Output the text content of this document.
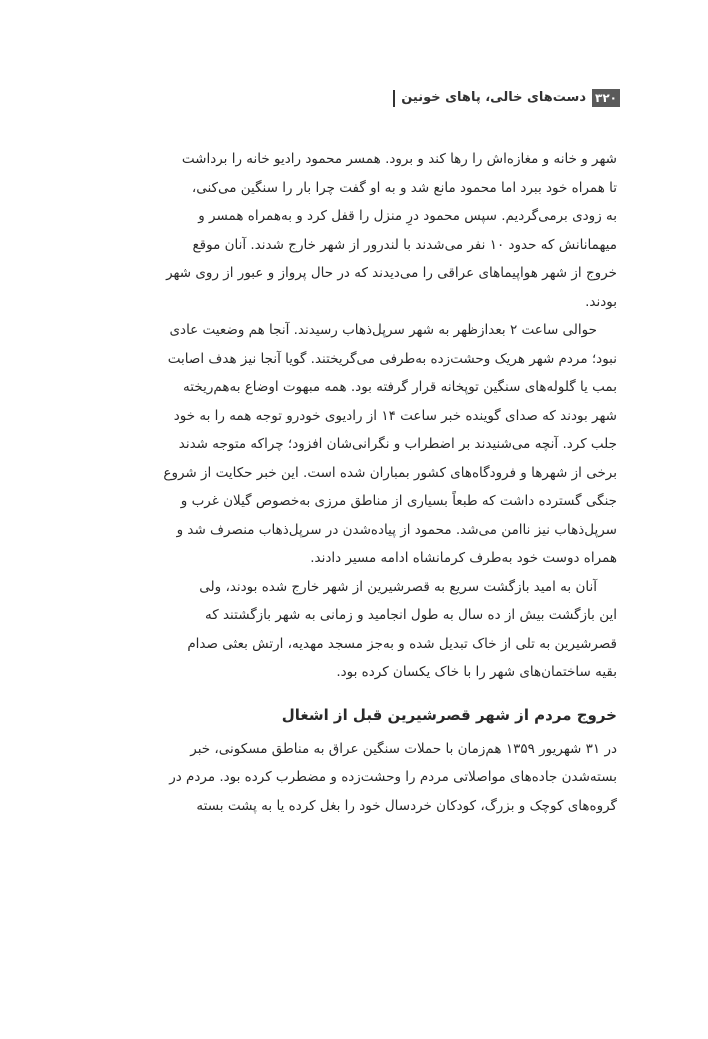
۳۲۰
دست‌های خالی، پاهای خونین
شهر و خانه و مغازه‌اش را رها کند و برود. همسر محمود رادیو خانه را برداشت
تا همراه خود ببرد اما محمود مانع شد و به او گفت چرا بار را سنگین می‌کنی،
به زودی برمی‌گردیم. سپس محمود درِ منزل را قفل کرد و به‌همراه همسر و
میهمانانش که حدود ۱۰ نفر می‌شدند با لندرور از شهر خارج شدند. آنان موقع
خروج از شهر هواپیماهای عراقی را می‌دیدند که در حال پرواز و عبور از روی شهر
بودند.
حوالی ساعت ۲ بعدازظهر به شهر سرپل‌ذهاب رسیدند. آنجا هم وضعیت عادی
نبود؛ مردم شهر هریک وحشت‌زده به‌طرفی می‌گریختند. گویا آنجا نیز هدف اصابت
بمب یا گلوله‌های سنگین توپخانه قرار گرفته بود. همه مبهوت اوضاع به‌هم‌ریخته
شهر بودند که صدای گوینده خبر ساعت ۱۴ از رادیوی خودرو توجه همه را به خود
جلب کرد. آنچه می‌شنیدند بر اضطراب و نگرانی‌شان افزود؛ چراکه متوجه شدند
برخی از شهرها و فرودگاه‌های کشور بمباران شده است. این خبر حکایت از شروع
جنگی گسترده داشت که طبعاً بسیاری از مناطق مرزی به‌خصوص گیلان غرب و
سرپل‌ذهاب نیز ناامن می‌شد. محمود از پیاده‌شدن در سرپل‌ذهاب منصرف شد و
همراه دوست خود به‌طرف کرمانشاه ادامه مسیر دادند.
آنان به امید بازگشت سریع به قصرشیرین از شهر خارج شده بودند، ولی
این بازگشت بیش از ده سال به طول انجامید و زمانی به شهر بازگشتند که
قصرشیرین به تلی از خاک تبدیل شده و به‌جز مسجد مهدیه، ارتش بعثی صدام
بقیه ساختمان‌های شهر را با خاک یکسان کرده بود.
خروج مردم از شهر قصرشیرین قبل از اشغال
در ۳۱ شهریور ۱۳۵۹ هم‌زمان با حملات سنگین عراق به مناطق مسکونی، خبر
بسته‌شدن جاده‌های مواصلاتی مردم را وحشت‌زده و مضطرب کرده بود. مردم در
گروه‌های کوچک و بزرگ، کودکان خردسال خود را بغل کرده یا به پشت بسته
